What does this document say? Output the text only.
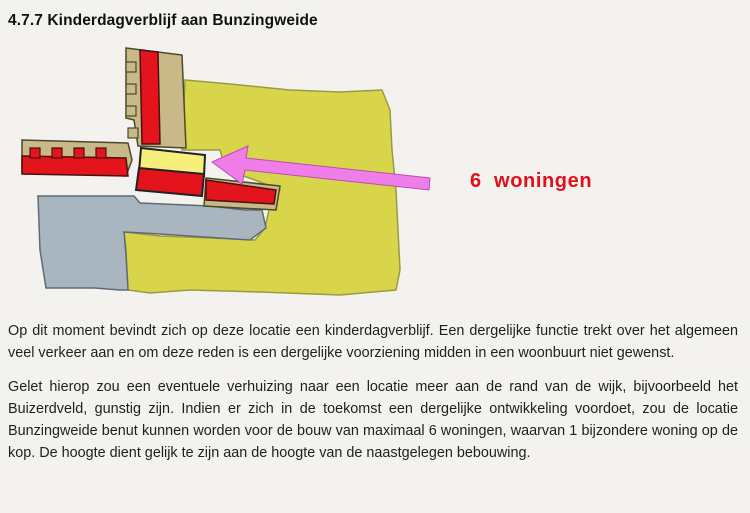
4.7.7 Kinderdagverblijf aan Bunzingweide
6  woningen

Op dit moment bevindt zich op deze locatie een kinderdagverblijf. Een dergelijke functie trekt over het algemeen veel verkeer aan en om deze reden is een dergelijke voorziening midden in een woonbuurt niet gewenst.

Gelet hierop zou een eventuele verhuizing naar een locatie meer aan de rand van de wijk, bijvoorbeeld het Buizerdveld, gunstig zijn. Indien er zich in de toekomst een dergelijke ontwikkeling voordoet, zou de locatie Bunzingweide benut kunnen worden voor de bouw van maximaal 6 woningen, waarvan 1 bijzondere woning op de kop. De hoogte dient gelijk te zijn aan de hoogte van de naastgelegen bebouwing.
